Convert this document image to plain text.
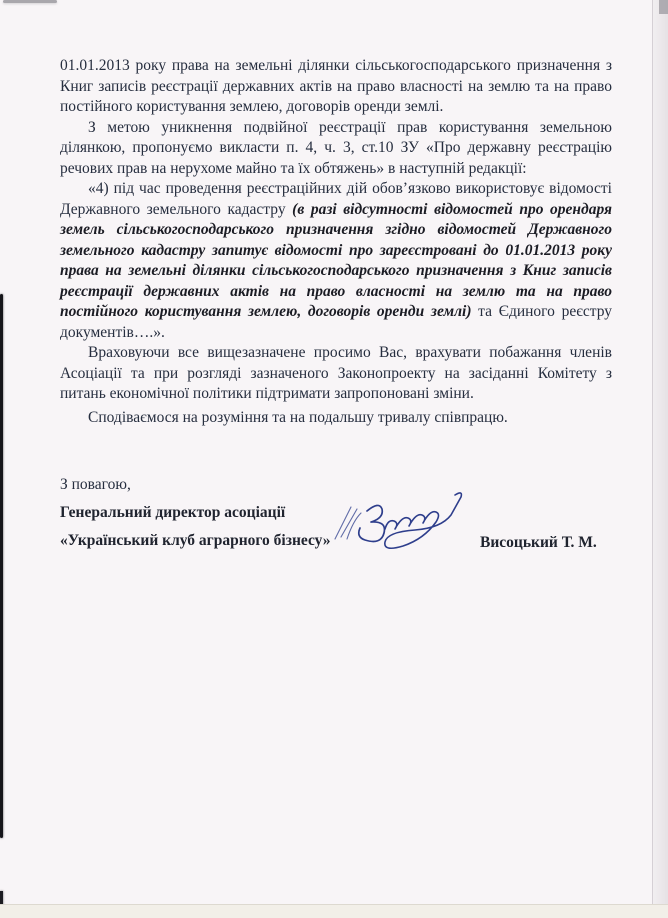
01.01.2013 року права на земельні ділянки сільськогосподарського призначення з
Книг записів реєстрації державних актів на право власності на землю та на право
постійного користування землею, договорів оренди землі.
З метою уникнення подвійної реєстрації прав користування земельною
ділянкою, пропонуємо викласти п. 4, ч. 3, ст.10 ЗУ «Про державну реєстрацію
речових прав на нерухоме майно та їх обтяжень» в наступній редакції:
«4) під час проведення реєстраційних дій обов’язково використовує відомості
Державного земельного кадастру (в разі відсутності відомостей про орендаря
земель сільськогосподарського призначення згідно відомостей Державного
земельного кадастру запитує відомості про зареєстровані до 01.01.2013 року
права на земельні ділянки сільськогосподарського призначення з Книг записів
реєстрації державних актів на право власності на землю та на право
постійного користування землею, договорів оренди землі) та Єдиного реєстру
документів….».
Враховуючи все вищезазначене просимо Вас, врахувати побажання членів
Асоціації та при розгляді зазначеного Законопроекту на засіданні Комітету з
питань економічної політики підтримати запропоновані зміни.
Сподіваємося на розуміння та на подальшу тривалу співпрацю.
З повагою,
Генеральний директор асоціації
«Український клуб аграрного бізнесу»	Висоцький Т. М.
